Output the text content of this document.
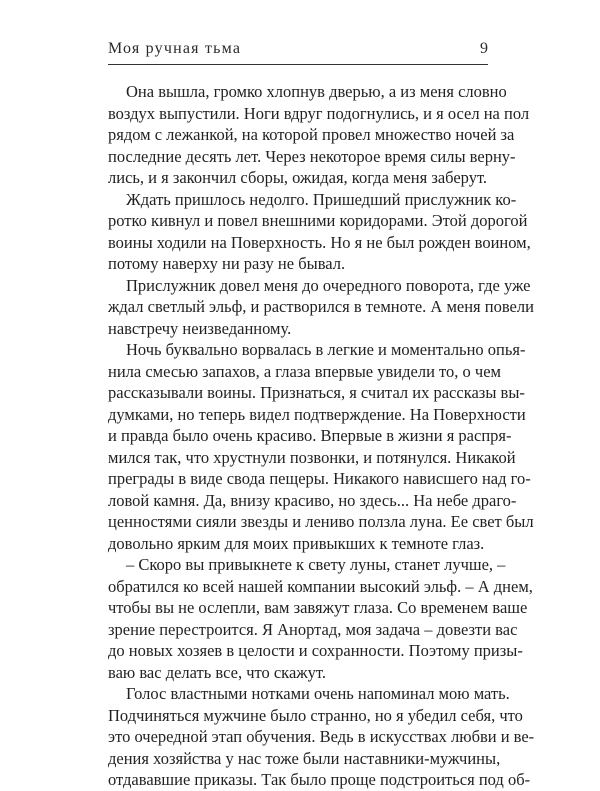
Моя ручная тьма	9
Она вышла, громко хлопнув дверью, а из меня словно
воздух выпустили. Ноги вдруг подогнулись, и я осел на пол
рядом с лежанкой, на которой провел множество ночей за
последние десять лет. Через некоторое время силы верну-
лись, и я закончил сборы, ожидая, когда меня заберут.
Ждать пришлось недолго. Пришедший прислужник ко-
ротко кивнул и повел внешними коридорами. Этой дорогой
воины ходили на Поверхность. Но я не был рожден воином,
потому наверху ни разу не бывал.
Прислужник довел меня до очередного поворота, где уже
ждал светлый эльф, и растворился в темноте. А меня повели
навстречу неизведанному.
Ночь буквально ворвалась в легкие и моментально опья-
нила смесью запахов, а глаза впервые увидели то, о чем
рассказывали воины. Признаться, я считал их рассказы вы-
думками, но теперь видел подтверждение. На Поверхности
и правда было очень красиво. Впервые в жизни я распря-
мился так, что хрустнули позвонки, и потянулся. Никакой
преграды в виде свода пещеры. Никакого нависшего над го-
ловой камня. Да, внизу красиво, но здесь... На небе драго-
ценностями сияли звезды и лениво ползла луна. Ее свет был
довольно ярким для моих привыкших к темноте глаз.
– Скоро вы привыкнете к свету луны, станет лучше, –
обратился ко всей нашей компании высокий эльф. – А днем,
чтобы вы не ослепли, вам завяжут глаза. Со временем ваше
зрение перестроится. Я Анортад, моя задача – довезти вас
до новых хозяев в целости и сохранности. Поэтому призы-
ваю вас делать все, что скажут.
Голос властными нотками очень напоминал мою мать.
Подчиняться мужчине было странно, но я убедил себя, что
это очередной этап обучения. Ведь в искусствах любви и ве-
дения хозяйства у нас тоже были наставники-мужчины,
отдававшие приказы. Так было проще подстроиться под об-
